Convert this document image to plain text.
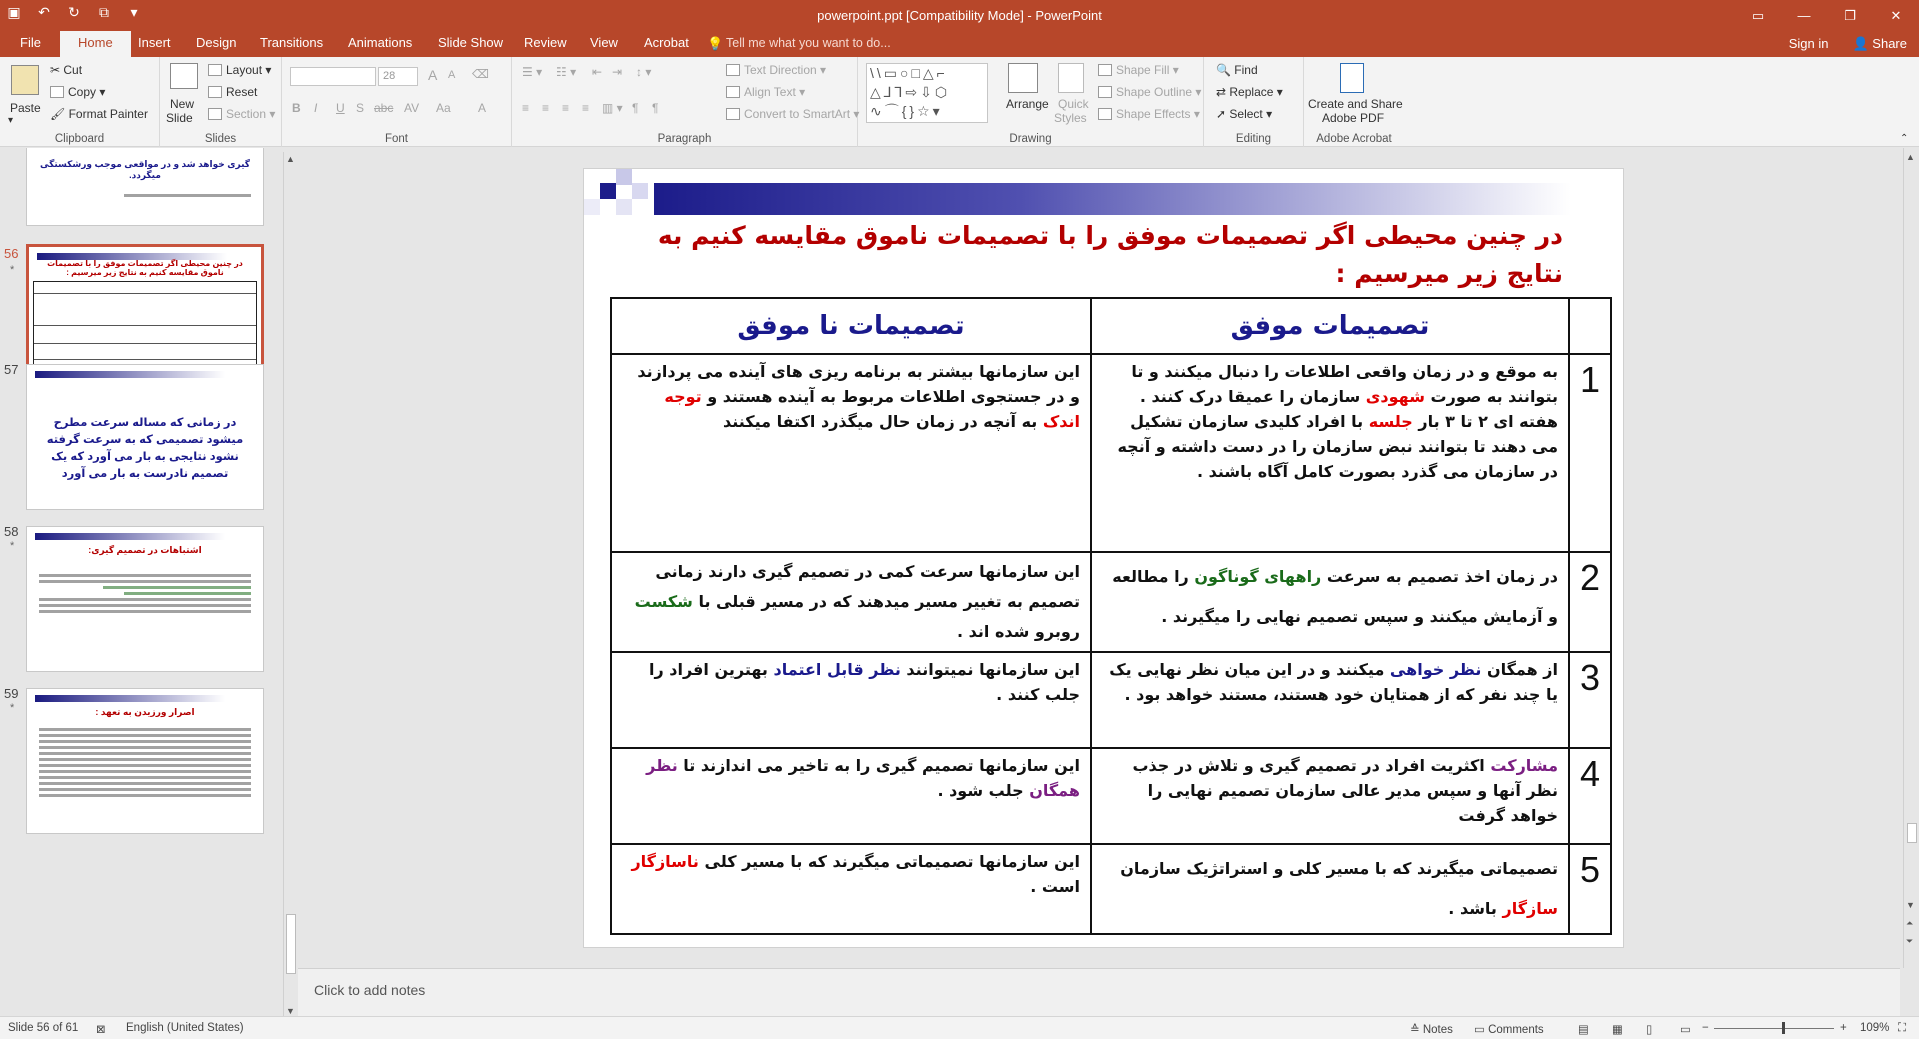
▣ ↶ ↻ ⧉	▾	powerpoint.ppt [Compatibility Mode] - PowerPoint	▭	—	❐	✕
File	Home	Insert	Design	Transitions	Animations	Slide Show	Review	View	Acrobat	💡 Tell me what you want to do...	Sign in 👤 Share
Paste
▾
✂ Cut
Copy ▾
🖌 Format Painter
Clipboard
New
Slide
Layout ▾
Reset
Section ▾
Slides
28	A A ⌫
B I U S abc AV Aa A
Font
☰ ▾ ☷ ▾ ⇤ ⇥ ↕ ▾
≡ ≡ ≡ ≡ ▥ ▾ ¶ ¶
Text Direction ▾
Align Text ▾
Convert to SmartArt ▾
Paragraph
\\▭○□△⌐
△⅃⅂⇨⇩⬡
∿⌒{}☆▾	Arrange Quick
Styles
Shape Fill ▾
Shape Outline ▾
Shape Effects ▾
Drawing
🔍 Find
⇄ Replace ▾
➚ Select ▾
Editing
Create and Share
Adobe PDF
Adobe Acrobat	⌃
گیری خواهد شد و در مواقعی موجب ورشکستگی میگردد.
56
*
در چنین محیطی اگر تصمیمات موفق را با تصمیمات ناموق مقایسه کنیم به نتایج زیر میرسیم :
57
در زمانی که مساله سرعت مطرح میشود تصمیمی که به سرعت گرفته نشود نتایجی به بار می آورد که یک تصمیم نادرست به بار می آورد
58
*	اشتباهات در تصمیم گیری:
59
*	اصرار ورزیدن به تعهد :
▲
▼
در چنین محیطی اگر تصمیمات موفق را با تصمیمات ناموق مقایسه کنیم به نتایج زیر میرسیم :
	تصمیمات موفق	تصمیمات نا موفق
1	به موقع و در زمان واقعی اطلاعات را دنبال میکنند و تا بتوانند به صورت شهودی سازمان را عمیقا درک کنند . هفته ای ۲ تا ۳ بار جلسه با افراد کلیدی سازمان تشکیل می دهند تا بتوانند نبض سازمان را در دست داشته و آنچه در سازمان می گذرد بصورت کامل آگاه باشند .	این سازمانها بیشتر به برنامه ریزی های آینده می پردازند و در جستجوی اطلاعات مربوط به آینده هستند و توجه اندک به آنچه در زمان حال میگذرد اکتفا میکنند
2	در زمان اخذ تصمیم به سرعت راههای گوناگون را مطالعه و آزمایش میکنند و سپس تصمیم نهایی را میگیرند .	این سازمانها سرعت کمی در تصمیم گیری دارند زمانی تصمیم به تغییر مسیر میدهند که در مسیر قبلی با شکست روبرو شده اند .
3	از همگان نظر خواهی میکنند و در این میان نظر نهایی یک یا چند نفر که از همتایان خود هستند، مستند خواهد بود .	این سازمانها نمیتوانند نظر قابل اعتماد بهترین افراد را جلب کنند .
4	مشارکت اکثریت افراد در تصمیم گیری و تلاش در جذب نظر آنها و سپس مدیر عالی سازمان تصمیم نهایی را خواهد گرفت	این سازمانها تصمیم گیری را به تاخیر می اندازند تا نظر همگان جلب شود .
5	تصمیماتی میگیرند که با مسیر کلی و استراتژیک سازمان سازگار باشد .	این سازمانها تصمیماتی میگیرند که با مسیر کلی ناسازگار است .
▲
▼
⏶
⏷
Click to add notes
Slide 56 of 61 ⊠ English (United States)	≙ Notes ▭ Comments	▤ ▦ ▯ ▭ −	+ 109% ⛶
